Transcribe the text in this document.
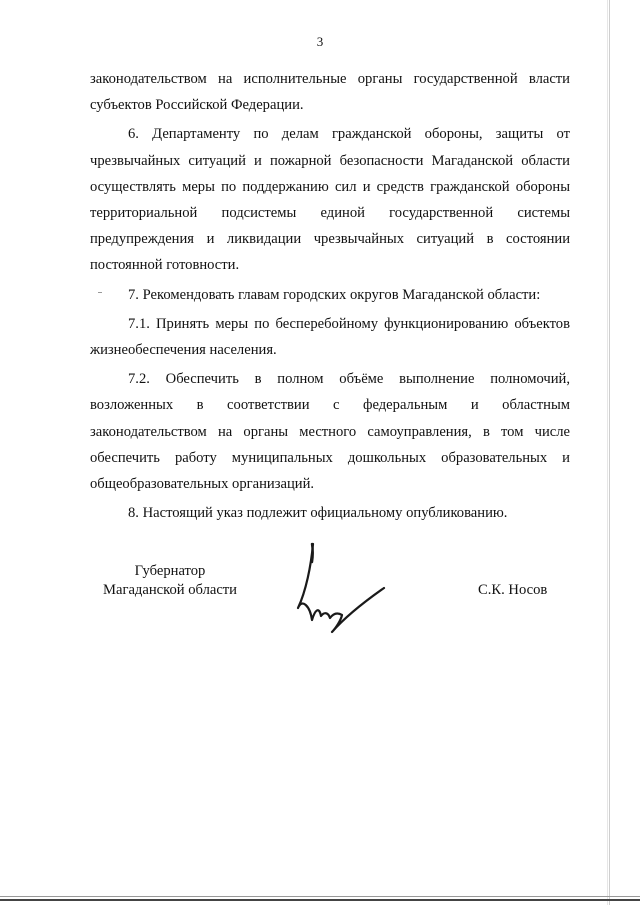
3

законодательством на исполнительные органы государственной власти субъектов Российской Федерации.

6. Департаменту по делам гражданской обороны, защиты от чрезвычайных ситуаций и пожарной безопасности Магаданской области осуществлять меры по поддержанию сил и средств гражданской обороны территориальной подсистемы единой государственной системы предупреждения и ликвидации чрезвычайных ситуаций в состоянии постоянной готовности.

7. Рекомендовать главам городских округов Магаданской области:

7.1. Принять меры по бесперебойному функционированию объектов жизнеобеспечения населения.

7.2. Обеспечить в полном объёме выполнение полномочий, возложенных в соответствии с федеральным и областным законодательством на органы местного самоуправления, в том числе обеспечить работу муниципальных дошкольных образовательных и общеобразовательных организаций.

8. Настоящий указ подлежит официальному опубликованию.

Губернатор
Магаданской области	С.К. Носов
